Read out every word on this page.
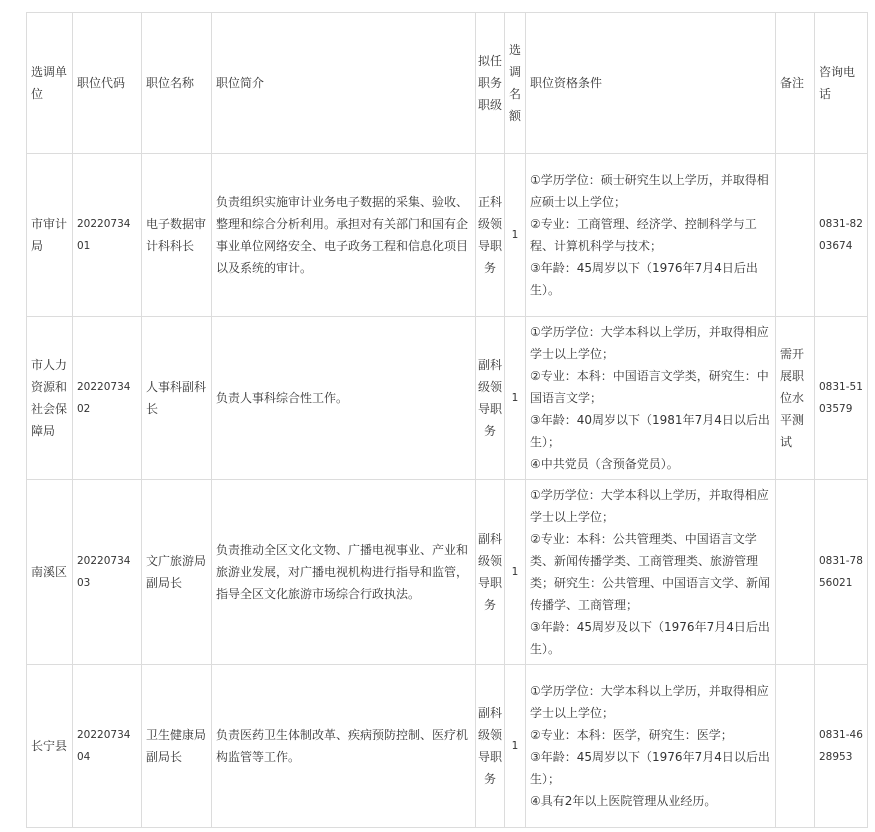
选调单位	职位代码	职位名称	职位简介	拟任职务职级	选调名额	职位资格条件	备注	咨询电话
市审计局	2022073401	电子数据审计科科长	负责组织实施审计业务电子数据的采集、验收、整理和综合分析利用。承担对有关部门和国有企事业单位网络安全、电子政务工程和信息化项目以及系统的审计。	正科级领导职务	1	①学历学位：硕士研究生以上学历，并取得相应硕士以上学位；
②专业：工商管理、经济学、控制科学与工程、计算机科学与技术；
③年龄：45周岁以下（1976年7月4日后出生）。		0831-8203674
市人力资源和社会保障局	2022073402	人事科副科长	负责人事科综合性工作。	副科级领导职务	1	①学历学位：大学本科以上学历，并取得相应学士以上学位；
②专业：本科：中国语言文学类，研究生：中国语言文学；
③年龄：40周岁以下（1981年7月4日以后出生）；
④中共党员（含预备党员）。	需开展职位水平测试	0831-5103579
南溪区	2022073403	文广旅游局副局长	负责推动全区文化文物、广播电视事业、产业和旅游业发展，对广播电视机构进行指导和监管，指导全区文化旅游市场综合行政执法。	副科级领导职务	1	①学历学位：大学本科以上学历，并取得相应学士以上学位；
②专业：本科：公共管理类、中国语言文学类、新闻传播学类、工商管理类、旅游管理类；研究生：公共管理、中国语言文学、新闻传播学、工商管理；
③年龄：45周岁及以下（1976年7月4日后出生）。		0831-7856021
长宁县	2022073404	卫生健康局副局长	负责医药卫生体制改革、疾病预防控制、医疗机构监管等工作。	副科级领导职务	1	①学历学位：大学本科以上学历，并取得相应学士以上学位；
②专业：本科：医学，研究生：医学；
③年龄：45周岁以下（1976年7月4日以后出生）；
④具有2年以上医院管理从业经历。		0831-4628953
